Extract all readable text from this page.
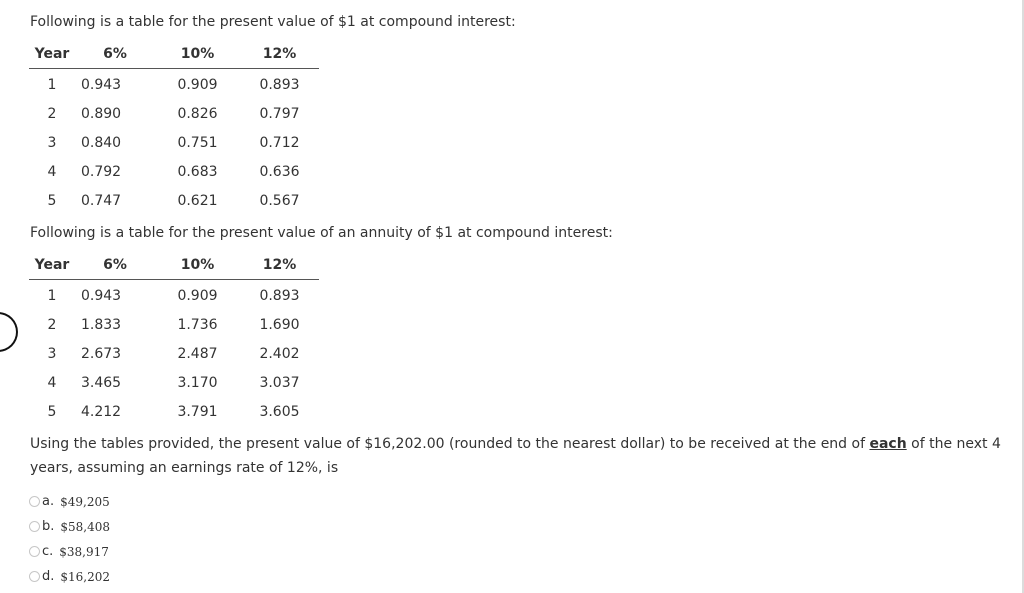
Following is a table for the present value of $1 at compound interest:

Year	6%	10%	12%
1	0.943	0.909	0.893
2	0.890	0.826	0.797
3	0.840	0.751	0.712
4	0.792	0.683	0.636
5	0.747	0.621	0.567

Following is a table for the present value of an annuity of $1 at compound interest:

Year	6%	10%	12%
1	0.943	0.909	0.893
2	1.833	1.736	1.690
3	2.673	2.487	2.402
4	3.465	3.170	3.037
5	4.212	3.791	3.605

Using the tables provided, the present value of $16,202.00 (rounded to the nearest dollar) to be received at the end of each of the next 4 years, assuming an earnings rate of 12%, is

a. $49,205
b. $58,408
c. $38,917
d. $16,202
